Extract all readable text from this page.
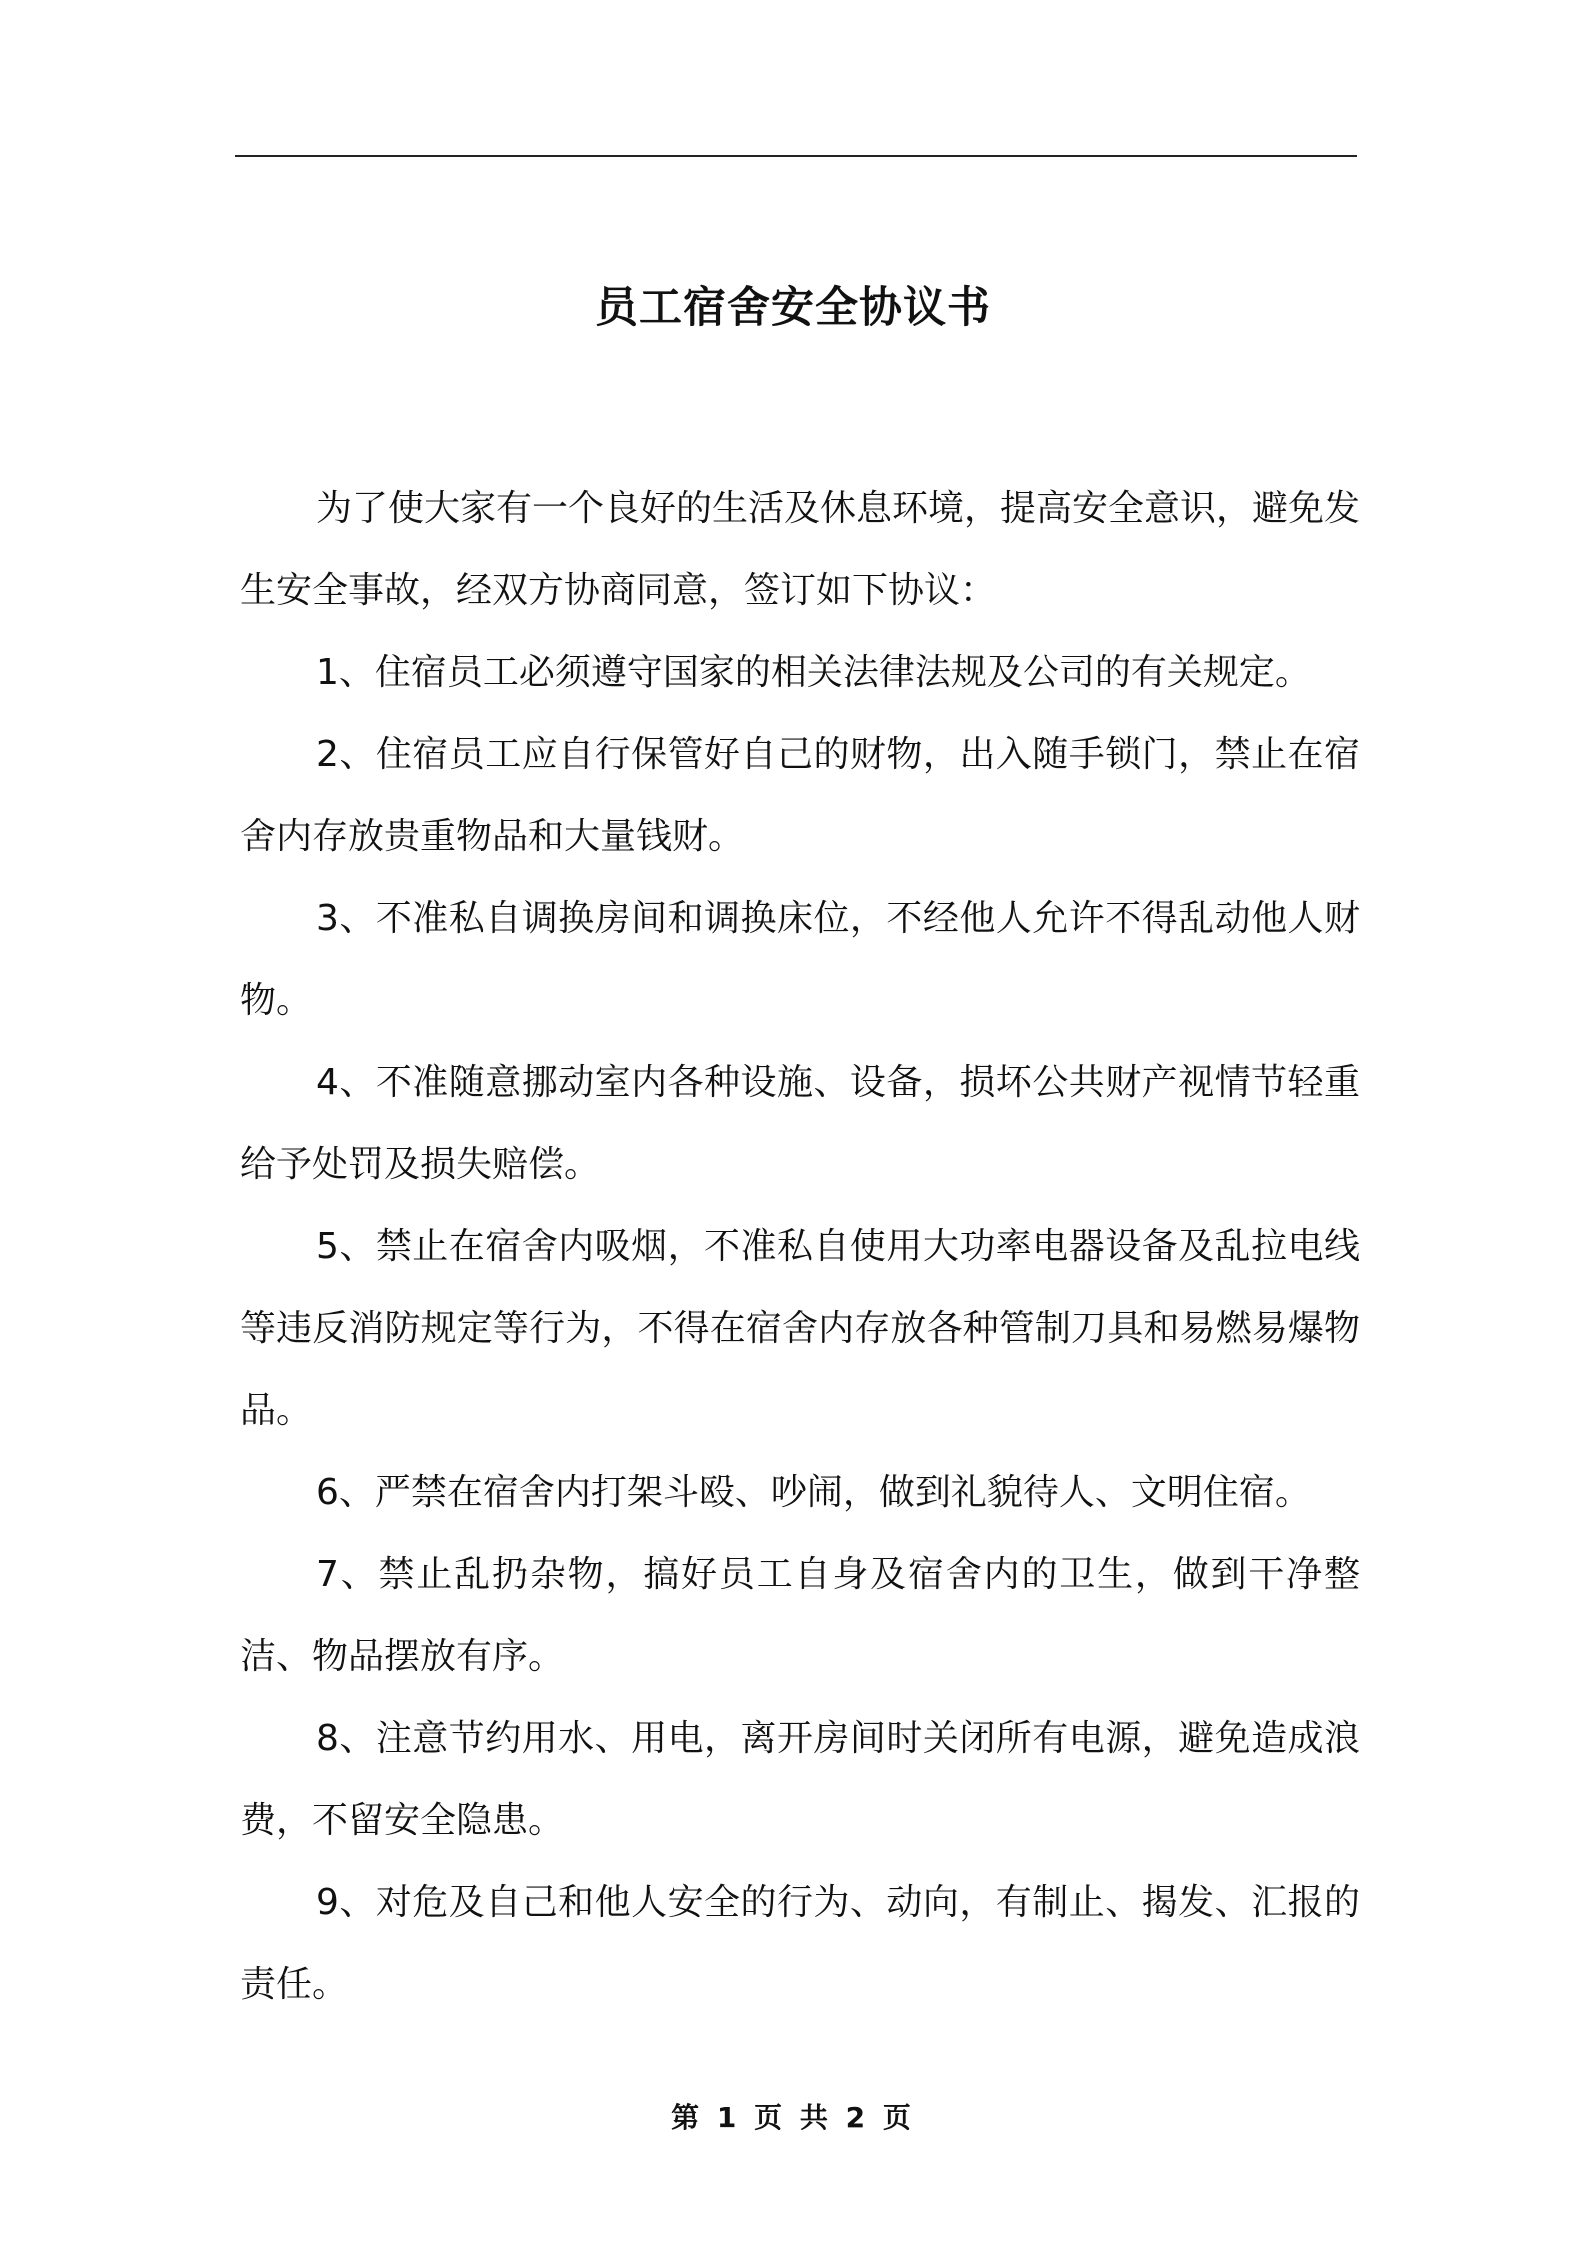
员工宿舍安全协议书

为了使大家有一个良好的生活及休息环境，提高安全意识，避免发生安全事故，经双方协商同意，签订如下协议：

1、住宿员工必须遵守国家的相关法律法规及公司的有关规定。

2、住宿员工应自行保管好自己的财物，出入随手锁门，禁止在宿舍内存放贵重物品和大量钱财。

3、不准私自调换房间和调换床位，不经他人允许不得乱动他人财物。

4、不准随意挪动室内各种设施、设备，损坏公共财产视情节轻重给予处罚及损失赔偿。

5、禁止在宿舍内吸烟，不准私自使用大功率电器设备及乱拉电线等违反消防规定等行为，不得在宿舍内存放各种管制刀具和易燃易爆物品。

6、严禁在宿舍内打架斗殴、吵闹，做到礼貌待人、文明住宿。

7、禁止乱扔杂物，搞好员工自身及宿舍内的卫生，做到干净整洁、物品摆放有序。

8、注意节约用水、用电，离开房间时关闭所有电源，避免造成浪费，不留安全隐患。

9、对危及自己和他人安全的行为、动向，有制止、揭发、汇报的责任。

第 1 页 共 2 页
